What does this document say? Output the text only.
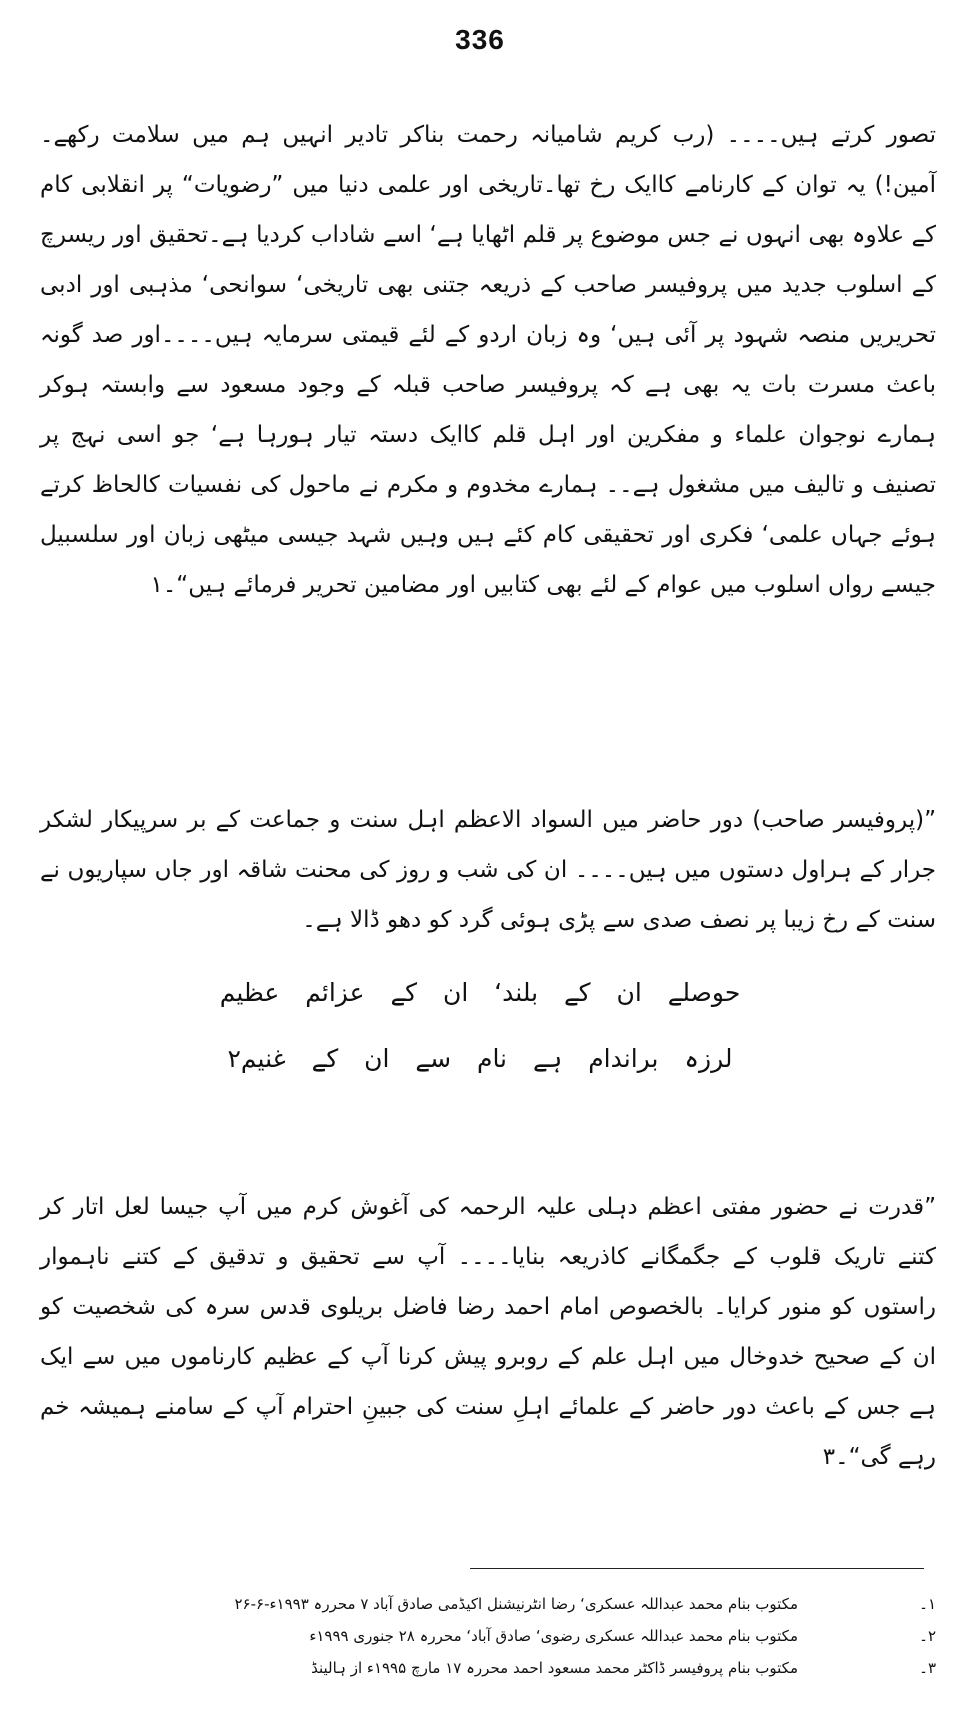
336
تصور کرتے ہیں۔۔۔۔ (رب کریم شامیانہ رحمت بناکر تادیر انہیں ہم میں سلامت رکھے۔ آمین!) یہ توان کے کارنامے کاایک رخ تھا۔تاریخی اور علمی دنیا میں ”رضویات“ پر انقلابی کام کے علاوہ بھی انہوں نے جس موضوع پر قلم اٹھایا ہے‘ اسے شاداب کردیا ہے۔تحقیق اور ریسرچ کے اسلوب جدید میں پروفیسر صاحب کے ذریعہ جتنی بھی تاریخی‘ سوانحی‘ مذہبی اور ادبی تحریریں منصہ شہود پر آئی ہیں‘ وہ زبان اردو کے لئے قیمتی سرمایہ ہیں۔۔۔۔اور صد گونہ باعث مسرت بات یہ بھی ہے کہ پروفیسر صاحب قبلہ کے وجود مسعود سے وابستہ ہوکر ہمارے نوجوان علماء و مفکرین اور اہل قلم کاایک دستہ تیار ہورہا ہے‘ جو اسی نہج پر تصنیف و تالیف میں مشغول ہے۔۔ ہمارے مخدوم و مکرم نے ماحول کی نفسیات کالحاظ کرتے ہوئے جہاں علمی‘ فکری اور تحقیقی کام کئے ہیں وہیں شہد جیسی میٹھی زبان اور سلسبیل جیسے رواں اسلوب میں عوام کے لئے بھی کتابیں اور مضامین تحریر فرمائے ہیں“۔۱
”(پروفیسر صاحب) دور حاضر میں السواد الاعظم اہل سنت و جماعت کے بر سرپیکار لشکر جرار کے ہراول دستوں میں ہیں۔۔۔۔ ان کی شب و روز کی محنت شاقہ اور جاں سپاریوں نے سنت کے رخ زیبا پر نصف صدی سے پڑی ہوئی گرد کو دھو ڈالا ہے۔
حوصلے ان کے بلند‘ ان کے عزائم عظیم
لرزہ براندام ہے نام سے ان کے غنیم۲
”قدرت نے حضور مفتی اعظم دہلی علیہ الرحمہ کی آغوش کرم میں آپ جیسا لعل اتار کر کتنے تاریک قلوب کے جگمگانے کاذریعہ بنایا۔۔۔۔ آپ سے تحقیق و تدقیق کے کتنے ناہموار راستوں کو منور کرایا۔ بالخصوص امام احمد رضا فاضل بریلوی قدس سرہ کی شخصیت کو ان کے صحیح خدوخال میں اہل علم کے روبرو پیش کرنا آپ کے عظیم کارناموں میں سے ایک ہے جس کے باعث دور حاضر کے علمائے اہلِ سنت کی جبینِ احترام آپ کے سامنے ہمیشہ خم رہے گی“۔۳
۱۔
مکتوب بنام محمد عبداللہ عسکری‘ رضا انٹرنیشنل اکیڈمی صادق آباد ۷ محررہ ۱۹۹۳ء-۶-۲۶
۲۔
مکتوب بنام محمد عبداللہ عسکری رضوی‘ صادق آباد‘ محررہ ۲۸ جنوری ۱۹۹۹ء
۳۔
مکتوب بنام پروفیسر ڈاکٹر محمد مسعود احمد محررہ ۱۷ مارچ ۱۹۹۵ء از ہالینڈ
